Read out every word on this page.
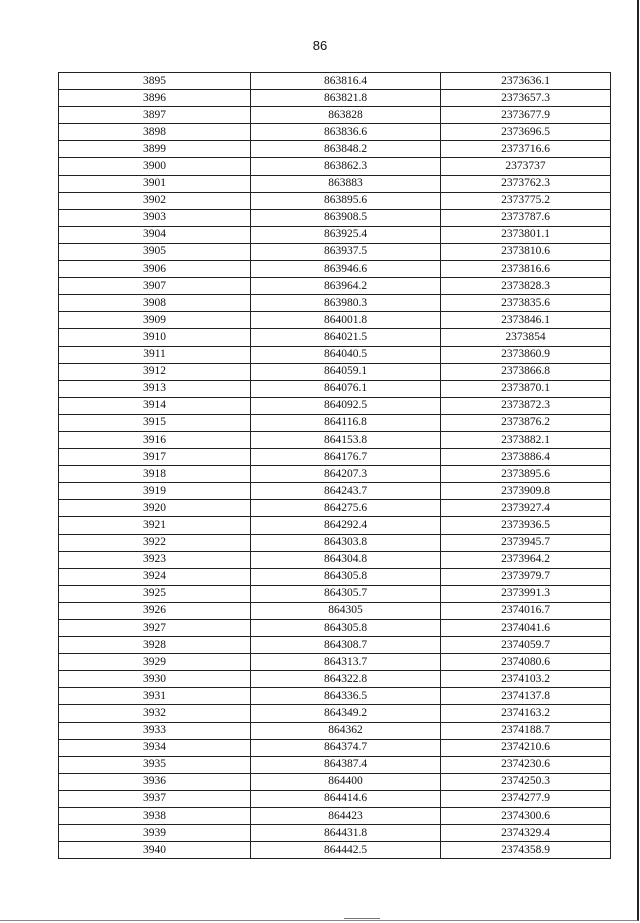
86
3895	863816.4	2373636.1
3896	863821.8	2373657.3
3897	863828	2373677.9
3898	863836.6	2373696.5
3899	863848.2	2373716.6
3900	863862.3	2373737
3901	863883	2373762.3
3902	863895.6	2373775.2
3903	863908.5	2373787.6
3904	863925.4	2373801.1
3905	863937.5	2373810.6
3906	863946.6	2373816.6
3907	863964.2	2373828.3
3908	863980.3	2373835.6
3909	864001.8	2373846.1
3910	864021.5	2373854
3911	864040.5	2373860.9
3912	864059.1	2373866.8
3913	864076.1	2373870.1
3914	864092.5	2373872.3
3915	864116.8	2373876.2
3916	864153.8	2373882.1
3917	864176.7	2373886.4
3918	864207.3	2373895.6
3919	864243.7	2373909.8
3920	864275.6	2373927.4
3921	864292.4	2373936.5
3922	864303.8	2373945.7
3923	864304.8	2373964.2
3924	864305.8	2373979.7
3925	864305.7	2373991.3
3926	864305	2374016.7
3927	864305.8	2374041.6
3928	864308.7	2374059.7
3929	864313.7	2374080.6
3930	864322.8	2374103.2
3931	864336.5	2374137.8
3932	864349.2	2374163.2
3933	864362	2374188.7
3934	864374.7	2374210.6
3935	864387.4	2374230.6
3936	864400	2374250.3
3937	864414.6	2374277.9
3938	864423	2374300.6
3939	864431.8	2374329.4
3940	864442.5	2374358.9
